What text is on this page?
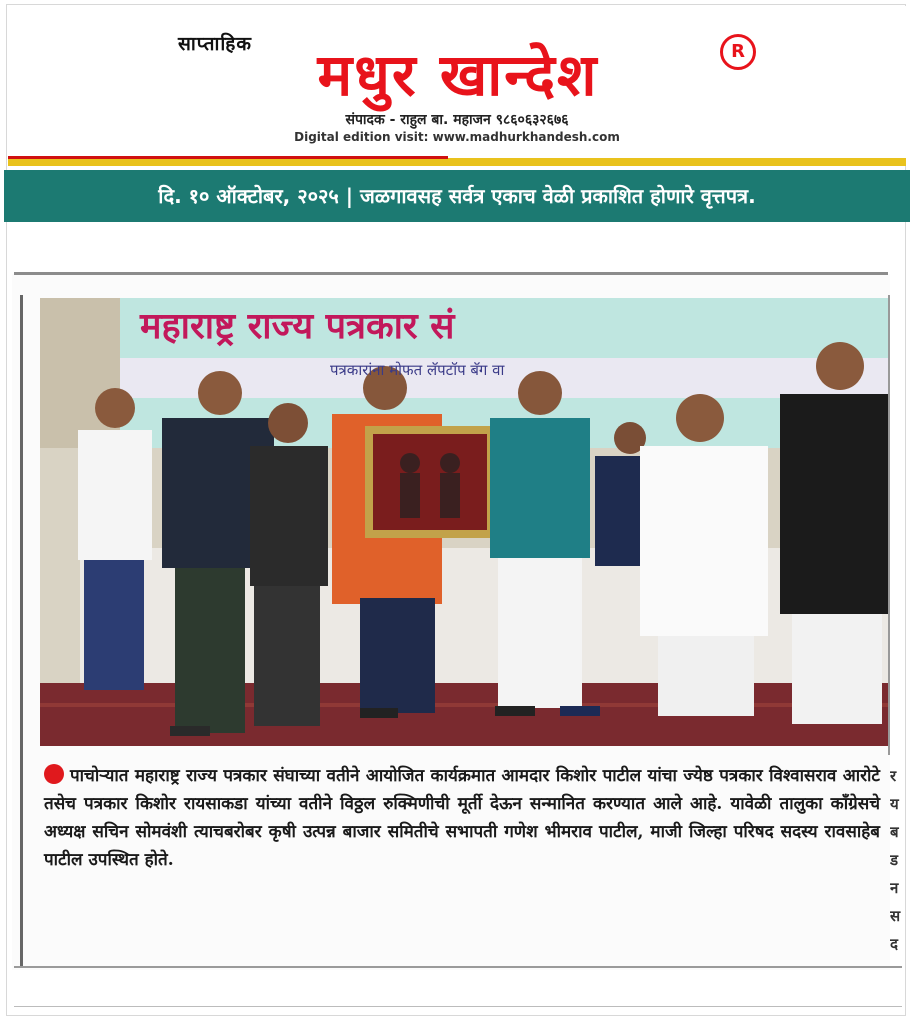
साप्ताहिक	मधुर खान्देश	R
संपादक - राहुल बा. महाजन ९८६०६३२६७६
Digital edition visit: www.madhurkhandesh.com
दि. १० ऑक्टोबर, २०२५ | जळगावसह सर्वत्र एकाच वेळी प्रकाशित होणारे वृत्तपत्र.
महाराष्ट्र राज्य पत्रकार सं
पत्रकारांना मोफत लॅपटॉप बॅग वा
पाचोऱ्यात महाराष्ट्र राज्य पत्रकार संघाच्या वतीने आयोजित कार्यक्रमात आमदार किशोर पाटील यांचा ज्येष्ठ पत्रकार विश्वासराव आरोटे तसेच पत्रकार किशोर रायसाकडा यांच्या वतीने विठ्ठल रुक्मिणीची मूर्ती देऊन सन्मानित करण्यात आले आहे. यावेळी तालुका काँग्रेसचे अध्यक्ष सचिन सोमवंशी त्याचबरोबर कृषी उत्पन्न बाजार समितीचे सभापती गणेश भीमराव पाटील, माजी जिल्हा परिषद सदस्य रावसाहेब पाटील उपस्थित होते.
र य ब ड न स द
